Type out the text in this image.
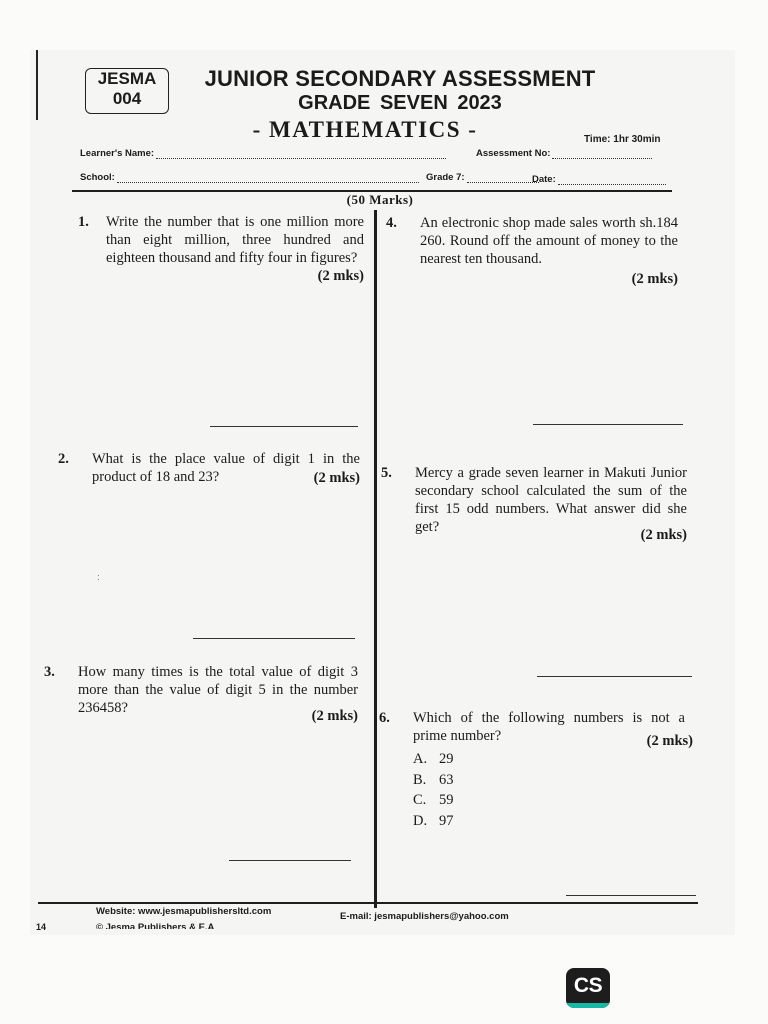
JESMA
004
JUNIOR SECONDARY ASSESSMENT
GRADE SEVEN 2023
- MATHEMATICS -	Time: 1hr 30min
Learner's Name:	Assessment No:
School:	Grade 7:	Date:
(50 Marks)
1. Write the number that is one million more than eight million, three hundred and eighteen thousand and fifty four in figures?
(2 mks)
2. What is the place value of digit 1 in the product of 18 and 23?	(2 mks)
ː
3. How many times is the total value of digit 3 more than the value of digit 5 in the number 236458?	(2 mks)
4. An electronic shop made sales worth sh.184 260. Round off the amount of money to the nearest ten thousand.
(2 mks)
5. Mercy a grade seven learner in Makuti Junior secondary school calculated the sum of the first 15 odd numbers. What answer did she get?	(2 mks)
6. Which of the following numbers is not a prime number?	(2 mks)
A. 29
B. 63
C. 59
D. 97
Website: www.jesmapublishersltd.com	E-mail: jesmapublishers@yahoo.com
14	© Jesma Publishers & E.A
CS
